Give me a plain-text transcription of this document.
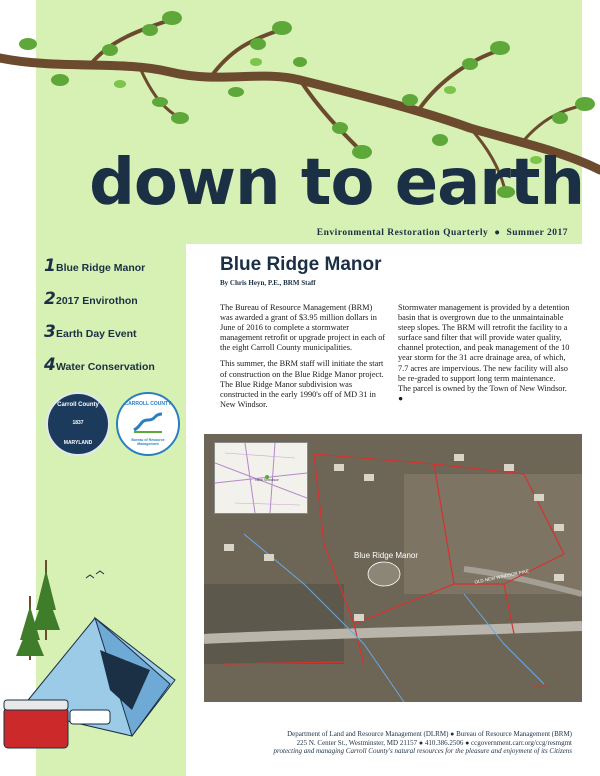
down to earth
Environmental Restoration Quarterly ● Summer 2017
1 Blue Ridge Manor
2 2017 Envirothon
3 Earth Day Event
4 Water Conservation
Carroll County
1837
MARYLAND
CARROLL COUNTY
Bureau of Resource Management
Blue Ridge Manor
By Chris Heyn, P.E., BRM Staff

The Bureau of Resource Management (BRM) was awarded a grant of $3.95 million dollars in June of 2016 to complete a stormwater management retrofit or upgrade project in each of the eight Carroll County municipalities.

This summer, the BRM staff will initiate the start of construction on the Blue Ridge Manor project. The Blue Ridge Manor subdivision was constructed in the early 1990's off of MD 31 in New Windsor.

Stormwater management is provided by a detention basin that is overgrown due to the unmaintainable steep slopes. The BRM will retrofit the facility to a surface sand filter that will provide water quality, channel protection, and peak management of the 10 year storm for the 31 acre drainage area, of which, 7.7 acres are impervious. The new facility will also be re-graded to support long term maintenance. The parcel is owned by the Town of New Windsor. ●

New Windsor
Blue Ridge Manor
OLD NEW WINDSOR PIKE
UNION
Department of Land and Resource Management (DLRM) ● Bureau of Resource Management (BRM)
225 N. Center St., Westminster, MD 21157 ● 410.386.2506 ● ccgovernment.carr.org/ccg/resmgmt
protecting and managing Carroll County's natural resources for the pleasure and enjoyment of its Citizens
